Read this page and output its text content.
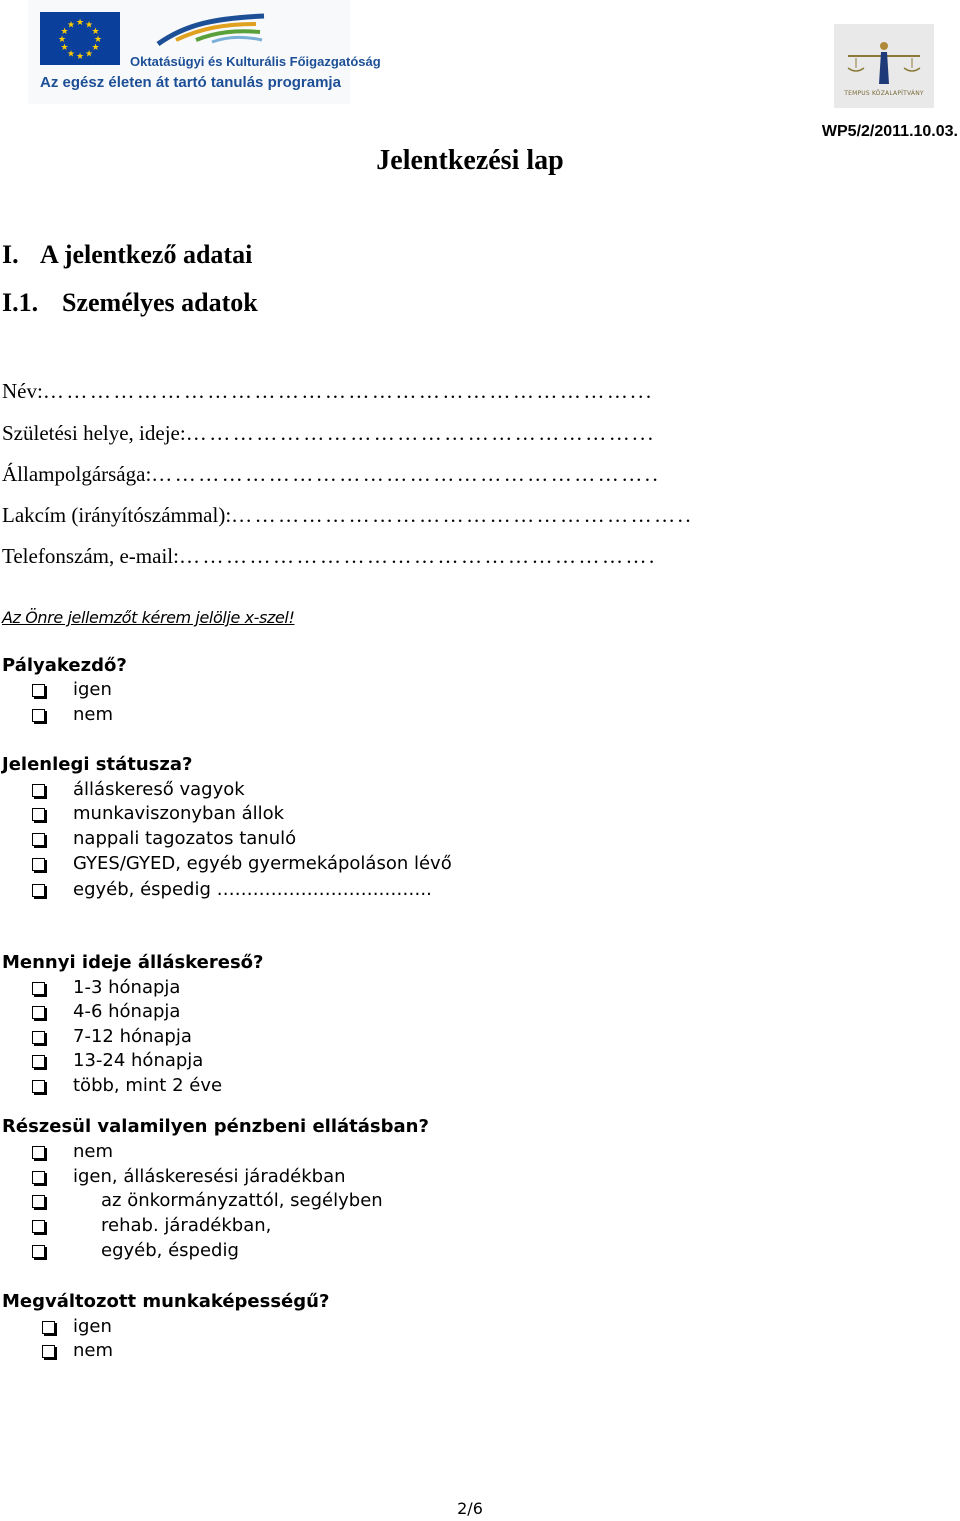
★ ★
★
★
★
★
★
★
★
★
★
★
Oktatásügyi és Kulturális Főigazgatóság
Az egész életen át tartó tanulás programja
TEMPUS KÖZALAPÍTVÁNY
WP5/2/2011.10.03.
Jelentkezési lap
I. A jelentkező adatai
I.1. Személyes adatok
Név:…………………………………………………………………...
Születési helye, ideje:…………………………………………………...
Állampolgársága:………………………………………………………..
Lakcím (irányítószámmal):…………………………………………………..
Telefonszám, e-mail:…………………………………………………….
Az Önre jellemzőt kérem jelölje x-szel!
Pályakezdő?
igen
nem
Jelenlegi státusza?
álláskereső vagyok
munkaviszonyban állok
nappali tagozatos tanuló
GYES/GYED, egyéb gyermekápoláson lévő
egyéb, éspedig ……………………….……..
Mennyi ideje álláskereső?
1-3 hónapja
4-6 hónapja
7-12 hónapja
13-24 hónapja
több, mint 2 éve
Részesül valamilyen pénzbeni ellátásban?
nem
igen, álláskeresési járadékban
az önkormányzattól, segélyben
rehab. járadékban,
egyéb, éspedig
Megváltozott munkaképességű?
igen
nem
2/6
